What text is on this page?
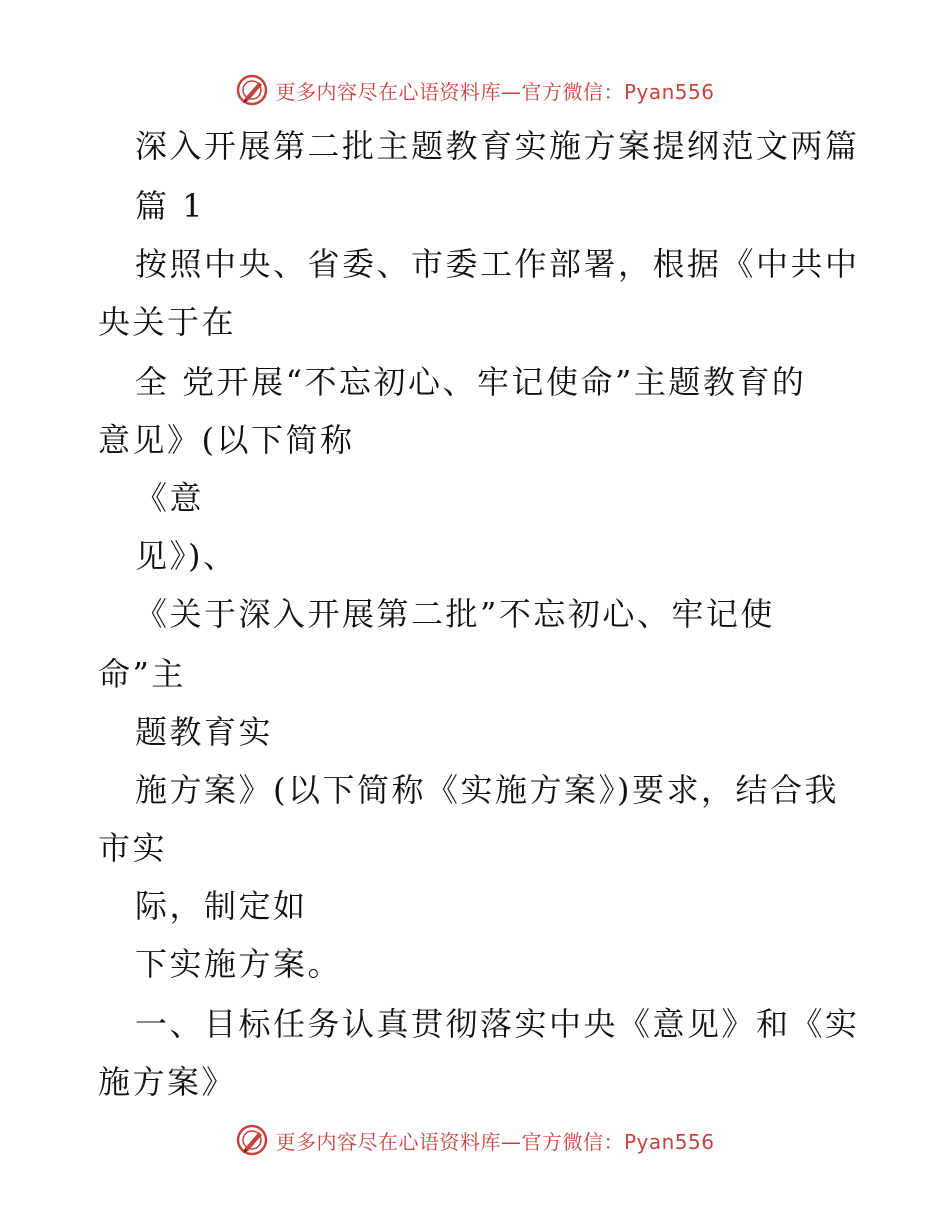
更多内容尽在心语资料库—官方微信：Pyan556
深入开展第二批主题教育实施方案提纲范文两篇
篇 1
按照中央、省委、市委工作部署，根据《中共中
央关于在
全 党开展“不忘初心、牢记使命”主题教育的
意见》(以下简称
《意
见》)、
《关于深入开展第二批”不忘初心、牢记使
命”主
题教育实
施方案》(以下简称《实施方案》)要求，结合我
市实
际，制定如
下实施方案。
一、目标任务认真贯彻落实中央《意见》和《实
施方案》
更多内容尽在心语资料库—官方微信：Pyan556
